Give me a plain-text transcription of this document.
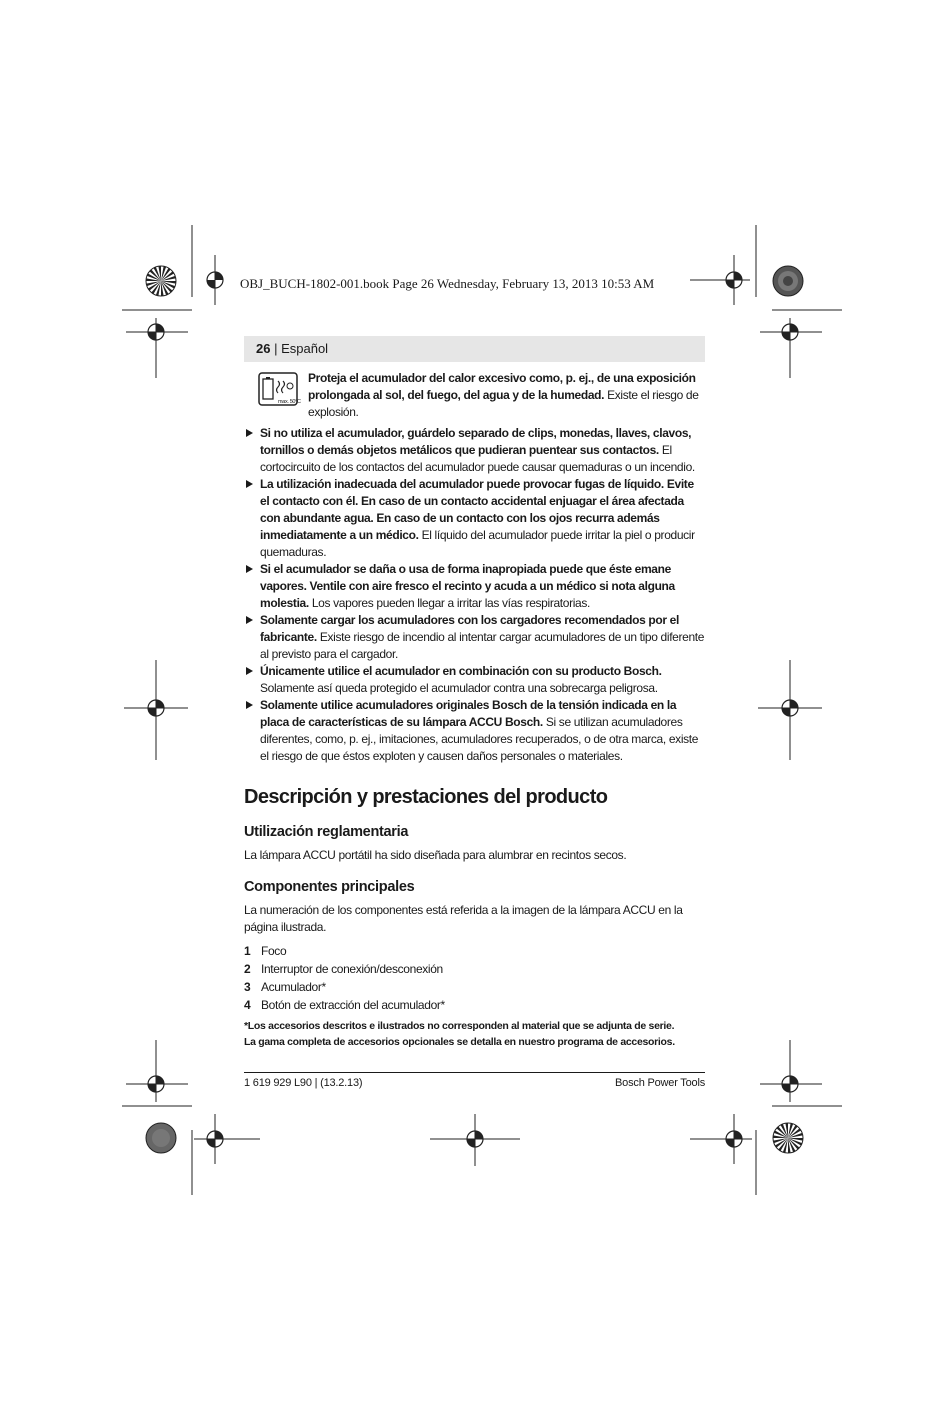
OBJ_BUCH-1802-001.book Page 26 Wednesday, February 13, 2013 10:53 AM
26 | Español
max. 50°C
Proteja el acumulador del calor excesivo como, p. ej., de una exposición prolongada al sol, del fuego, del agua y de la humedad. Existe el riesgo de explosión.
Si no utiliza el acumulador, guárdelo separado de clips, monedas, llaves, clavos, tornillos o demás objetos metálicos que pudieran puentear sus contactos. El cortocircuito de los contactos del acumulador puede causar quemaduras o un incendio.
La utilización inadecuada del acumulador puede provocar fugas de líquido. Evite el contacto con él. En caso de un contacto accidental enjuagar el área afectada con abundante agua. En caso de un contacto con los ojos recurra además inmediatamente a un médico. El líquido del acumulador puede irritar la piel o producir quemaduras.
Si el acumulador se daña o usa de forma inapropiada puede que éste emane vapores. Ventile con aire fresco el recinto y acuda a un médico si nota alguna molestia. Los vapores pueden llegar a irritar las vías respiratorias.
Solamente cargar los acumuladores con los cargadores recomendados por el fabricante. Existe riesgo de incendio al intentar cargar acumuladores de un tipo diferente al previsto para el cargador.
Únicamente utilice el acumulador en combinación con su producto Bosch. Solamente así queda protegido el acumulador contra una sobrecarga peligrosa.
Solamente utilice acumuladores originales Bosch de la tensión indicada en la placa de características de su lámpara ACCU Bosch. Si se utilizan acumuladores diferentes, como, p. ej., imitaciones, acumuladores recuperados, o de otra marca, existe el riesgo de que éstos exploten y causen daños personales o materiales.
Descripción y prestaciones del producto
Utilización reglamentaria

La lámpara ACCU portátil ha sido diseñada para alumbrar en recintos secos.

Componentes principales

La numeración de los componentes está referida a la imagen de la lámpara ACCU en la página ilustrada.

1 Foco
2 Interruptor de conexión/desconexión
3 Acumulador*
4 Botón de extracción del acumulador*
*Los accesorios descritos e ilustrados no corresponden al material que se adjunta de serie.
La gama completa de accesorios opcionales se detalla en nuestro programa de accesorios.
1 619 929 L90 | (13.2.13)	Bosch Power Tools
